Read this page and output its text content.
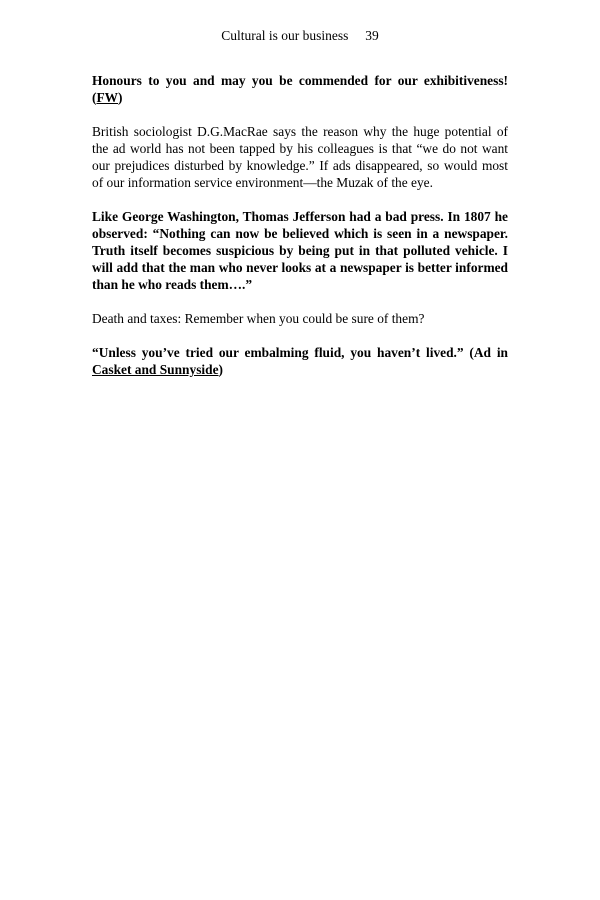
Cultural is our business 39

Honours to you and may you be commended for our exhibitiveness! (FW)

British sociologist D.G.MacRae says the reason why the huge potential of the ad world has not been tapped by his colleagues is that “we do not want our prejudices disturbed by knowledge.” If ads disappeared, so would most of our information service environment—the Muzak of the eye.

Like George Washington, Thomas Jefferson had a bad press. In 1807 he observed: “Nothing can now be believed which is seen in a newspaper. Truth itself becomes suspicious by being put in that polluted vehicle. I will add that the man who never looks at a newspaper is better informed than he who reads them….”

Death and taxes: Remember when you could be sure of them?

“Unless you’ve tried our embalming fluid, you haven’t lived.” (Ad in Casket and Sunnyside)
